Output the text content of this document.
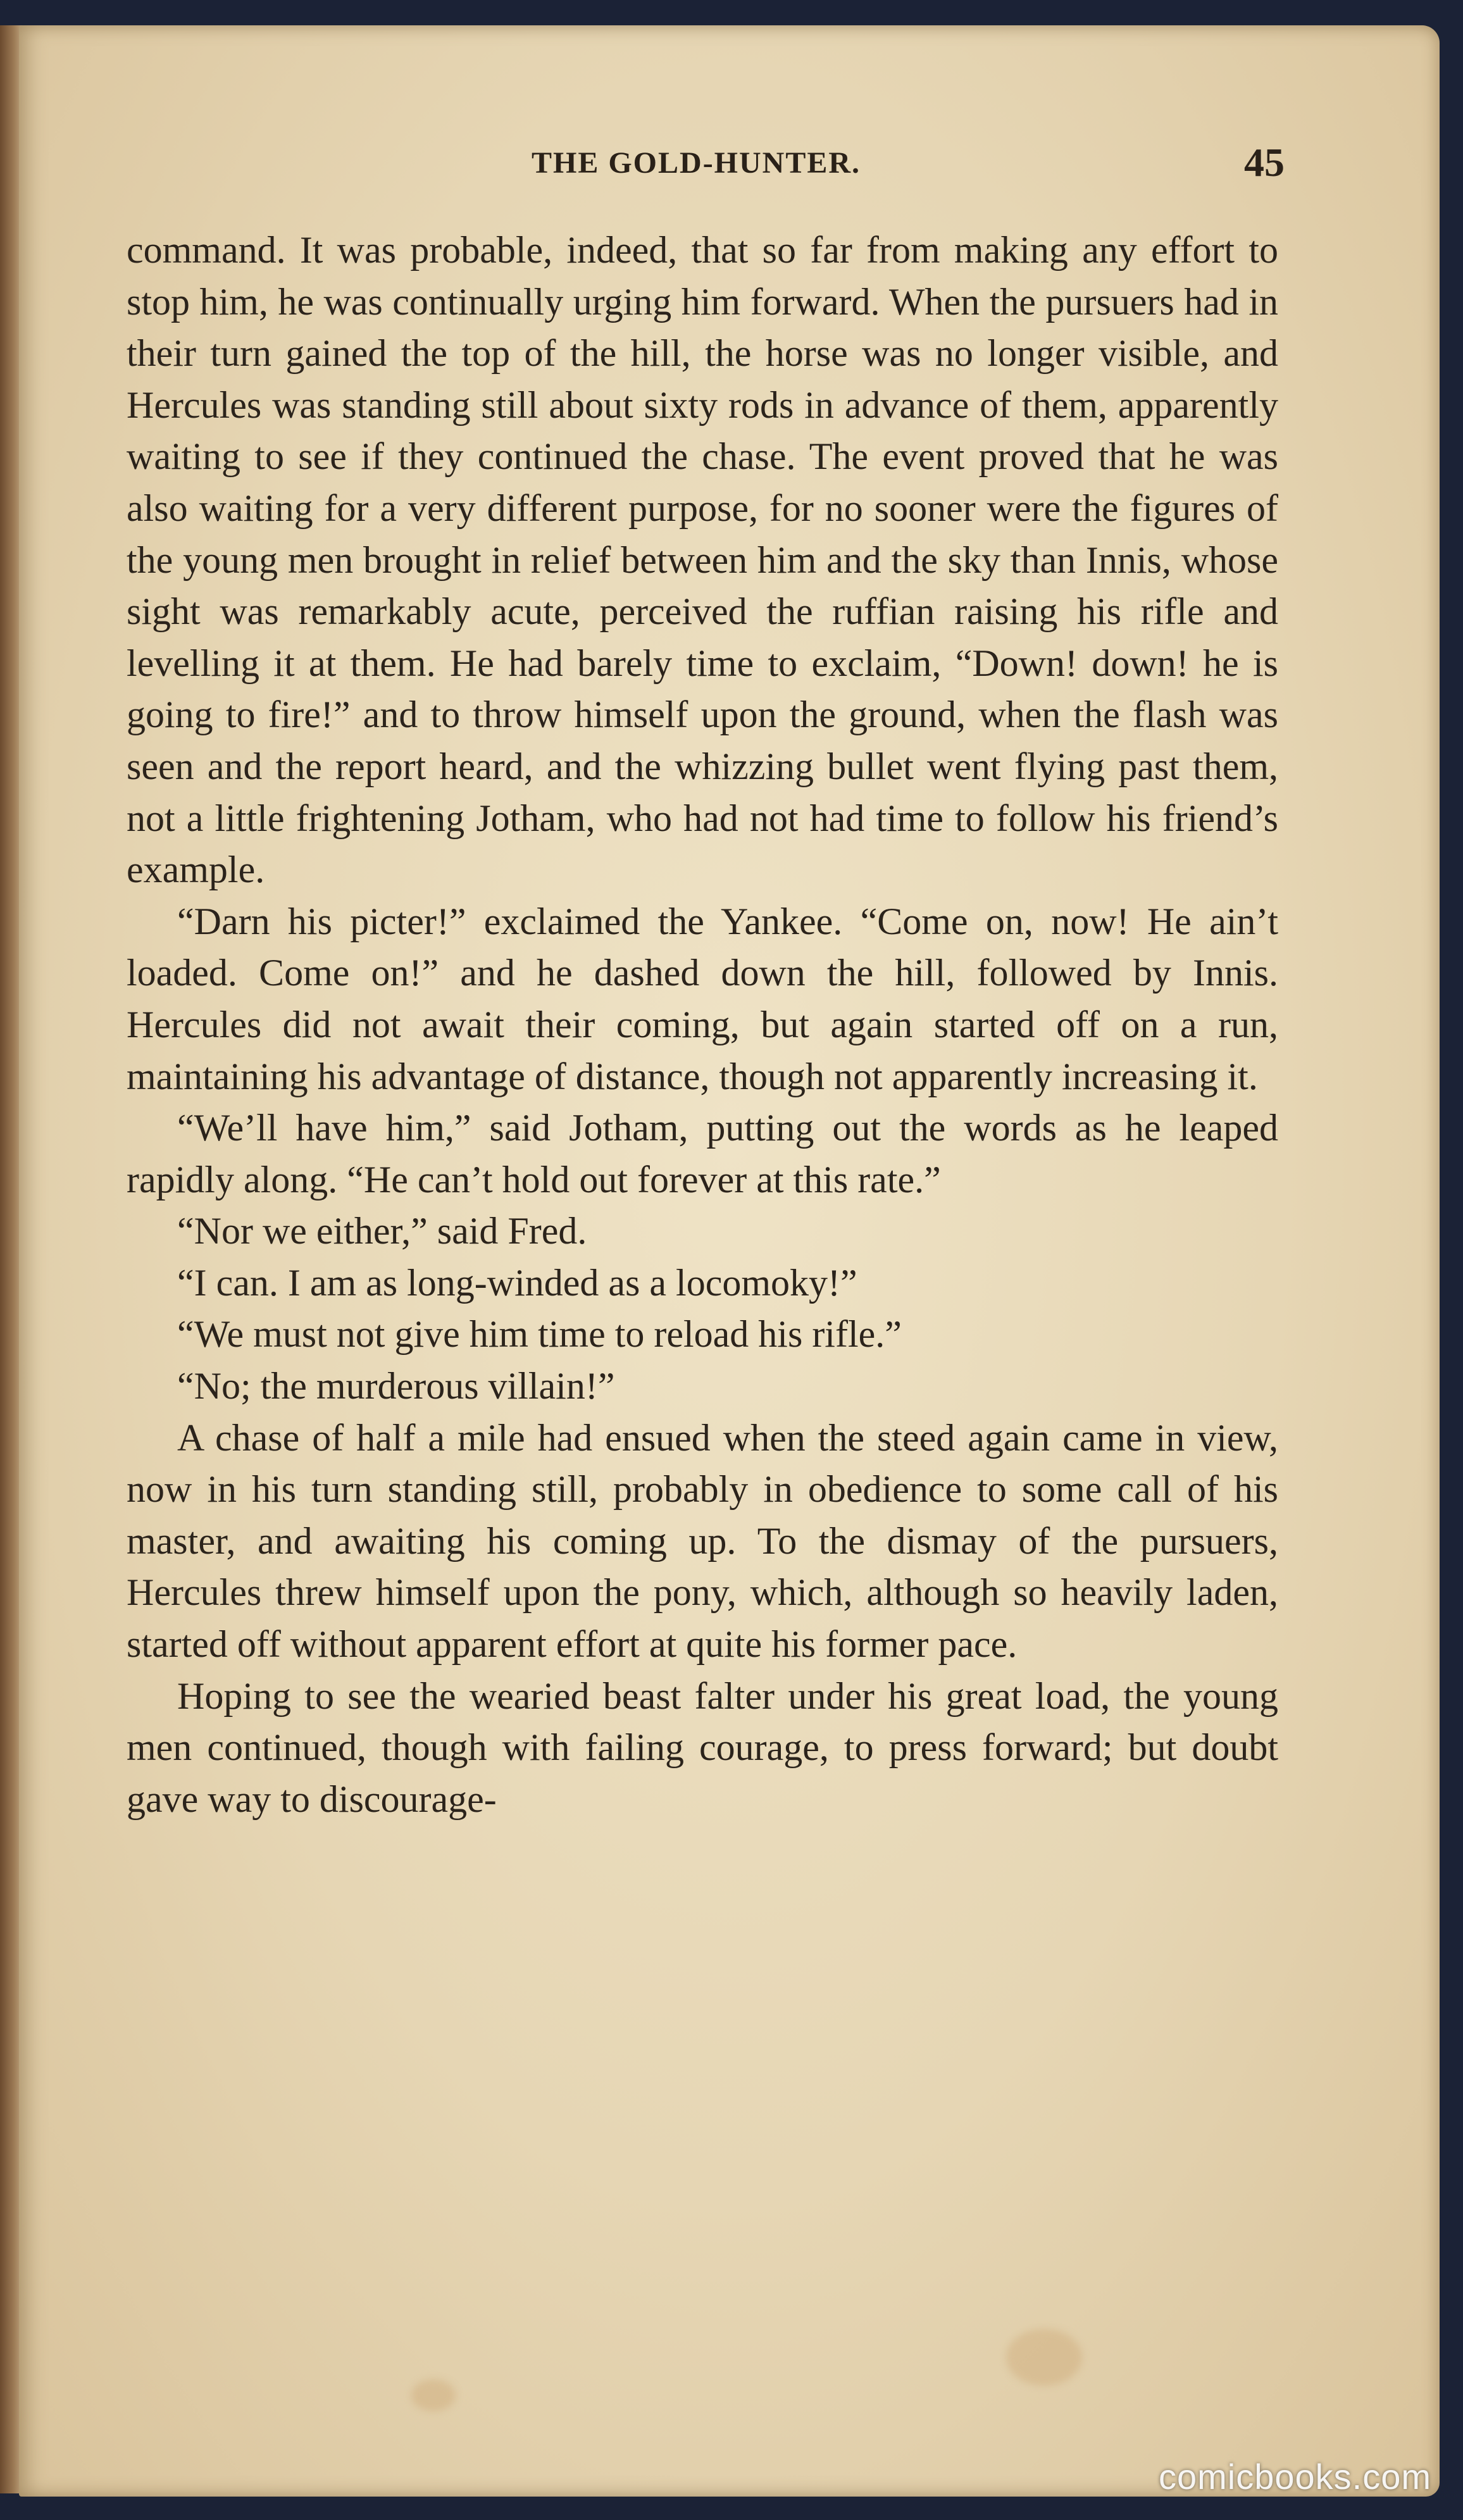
THE GOLD-HUNTER.	45

command. It was probable, indeed, that so far from making any effort to stop him, he was continually urging him forward. When the pursuers had in their turn gained the top of the hill, the horse was no longer visible, and Hercules was standing still about sixty rods in advance of them, apparently waiting to see if they continued the chase. The event proved that he was also waiting for a very different purpose, for no sooner were the figures of the young men brought in relief between him and the sky than Innis, whose sight was remarkably acute, perceived the ruffian raising his rifle and levelling it at them. He had barely time to exclaim, “Down! down! he is going to fire!” and to throw himself upon the ground, when the flash was seen and the report heard, and the whizzing bullet went flying past them, not a little frightening Jotham, who had not had time to follow his friend’s example.

“Darn his picter!” exclaimed the Yankee. “Come on, now! He ain’t loaded. Come on!” and he dashed down the hill, followed by Innis. Hercules did not await their coming, but again started off on a run, maintaining his advantage of distance, though not apparently increasing it.

“We’ll have him,” said Jotham, putting out the words as he leaped rapidly along. “He can’t hold out forever at this rate.”

“Nor we either,” said Fred.

“I can. I am as long-winded as a locomoky!”

“We must not give him time to reload his rifle.”

“No; the murderous villain!”

A chase of half a mile had ensued when the steed again came in view, now in his turn standing still, probably in obedience to some call of his master, and awaiting his coming up. To the dismay of the pursuers, Hercules threw himself upon the pony, which, although so heavily laden, started off without apparent effort at quite his former pace.

Hoping to see the wearied beast falter under his great load, the young men continued, though with failing courage, to press forward; but doubt gave way to discourage-

comicbooks.com
